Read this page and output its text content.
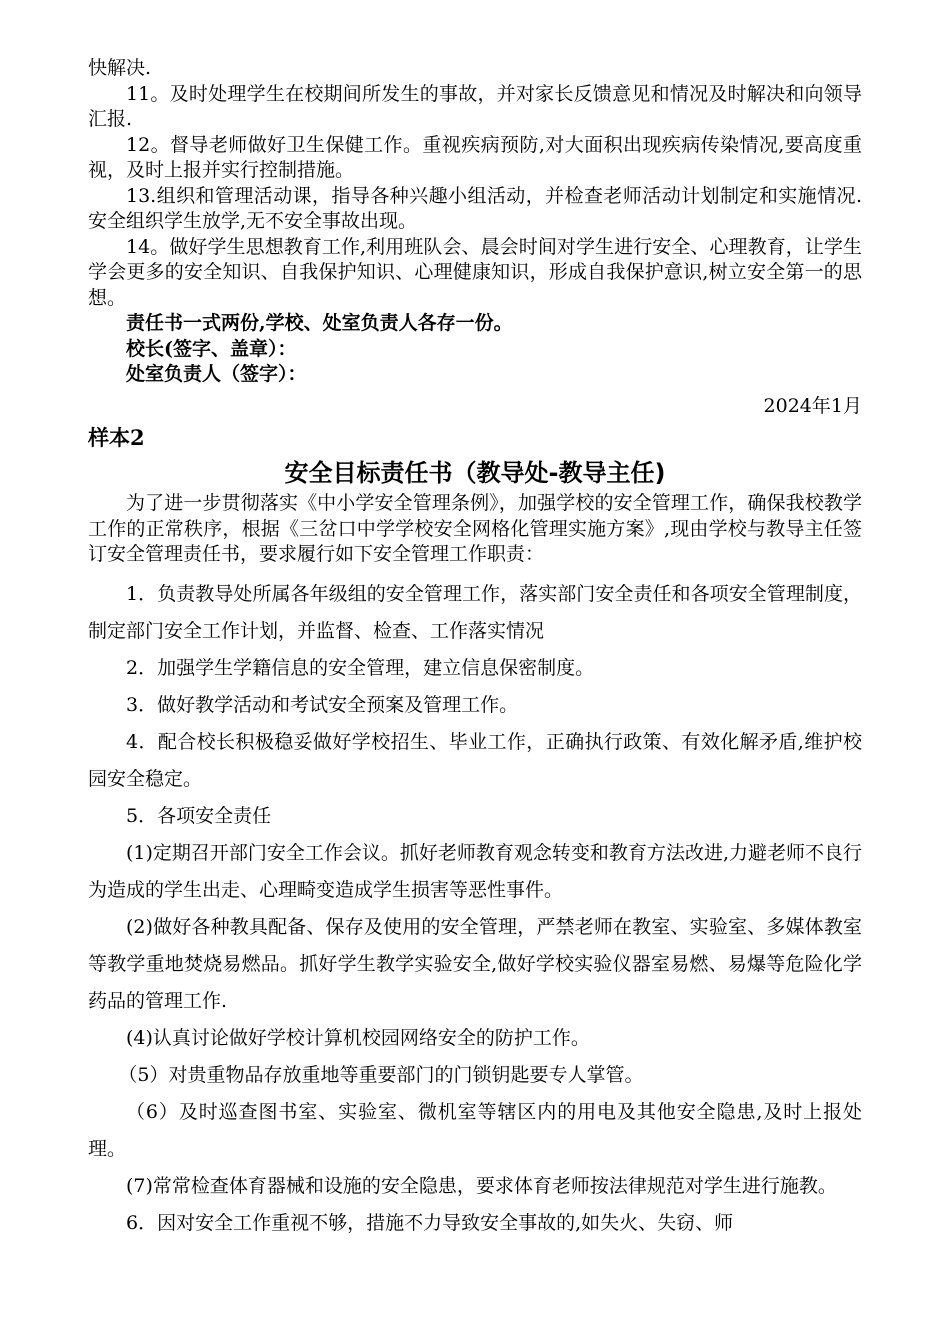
快解决.

11。及时处理学生在校期间所发生的事故，并对家长反馈意见和情况及时解决和向领导汇报.

12。督导老师做好卫生保健工作。重视疾病预防,对大面积出现疾病传染情况,要高度重视，及时上报并实行控制措施。

13.组织和管理活动课，指导各种兴趣小组活动，并检查老师活动计划制定和实施情况.安全组织学生放学,无不安全事故出现。

14。做好学生思想教育工作,利用班队会、晨会时间对学生进行安全、心理教育，让学生学会更多的安全知识、自我保护知识、心理健康知识，形成自我保护意识,树立安全第一的思想。

责任书一式两份,学校、处室负责人各存一份。

校长(签字、盖章）：

处室负责人（签字）：

2024年1月

样本2

安全目标责任书（教导处-教导主任)

为了进一步贯彻落实《中小学安全管理条例》，加强学校的安全管理工作，确保我校教学工作的正常秩序，根据《三岔口中学学校安全网格化管理实施方案》,现由学校与教导主任签订安全管理责任书，要求履行如下安全管理工作职责：

1．负责教导处所属各年级组的安全管理工作，落实部门安全责任和各项安全管理制度，制定部门安全工作计划，并监督、检查、工作落实情况

2．加强学生学籍信息的安全管理，建立信息保密制度。

3．做好教学活动和考试安全预案及管理工作。

4．配合校长积极稳妥做好学校招生、毕业工作，正确执行政策、有效化解矛盾,维护校园安全稳定。

5．各项安全责任

(1)定期召开部门安全工作会议。抓好老师教育观念转变和教育方法改进,力避老师不良行为造成的学生出走、心理畸变造成学生损害等恶性事件。

(2)做好各种教具配备、保存及使用的安全管理，严禁老师在教室、实验室、多媒体教室等教学重地焚烧易燃品。抓好学生教学实验安全,做好学校实验仪器室易燃、易爆等危险化学药品的管理工作.

(4)认真讨论做好学校计算机校园网络安全的防护工作。

（5）对贵重物品存放重地等重要部门的门锁钥匙要专人掌管。

（6）及时巡查图书室、实验室、微机室等辖区内的用电及其他安全隐患,及时上报处理。

(7)常常检查体育器械和设施的安全隐患，要求体育老师按法律规范对学生进行施教。

6．因对安全工作重视不够，措施不力导致安全事故的,如失火、失窃、师
